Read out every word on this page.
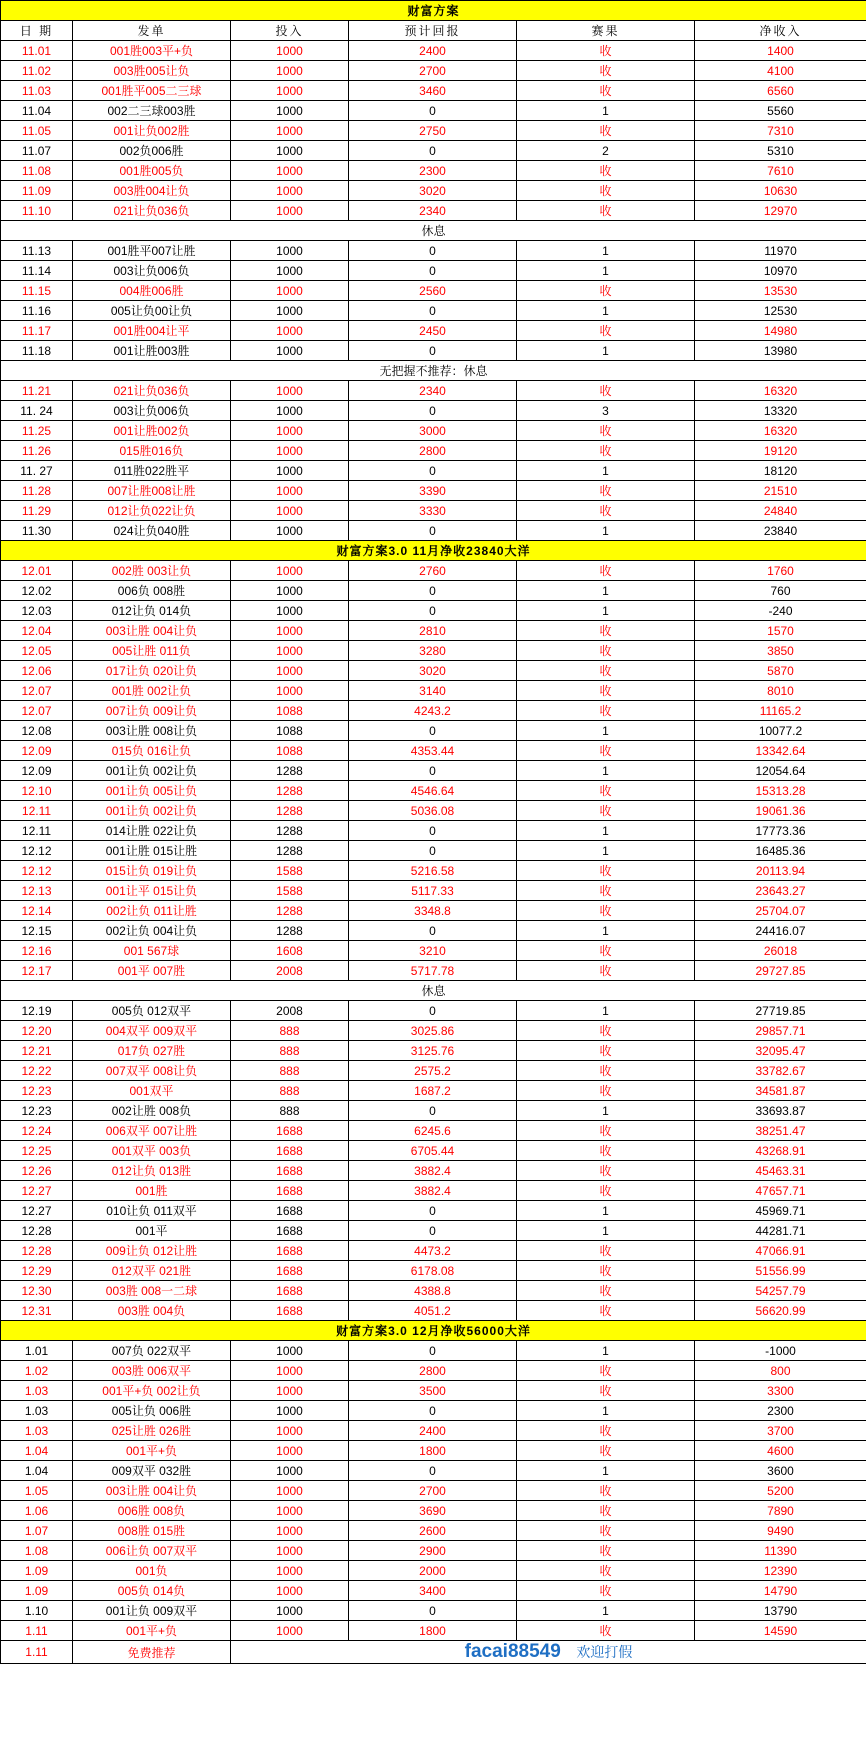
财富方案					
日 期	发单	投入	预计回报	赛果	净收入
11.01	001胜003平+负	1000	2400	收	1400
11.02	003胜005让负	1000	2700	收	4100
11.03	001胜平005二三球	1000	3460	收	6560
11.04	002二三球003胜	1000	0	1	5560
11.05	001让负002胜	1000	2750	收	7310
11.07	002负006胜	1000	0	2	5310
11.08	001胜005负	1000	2300	收	7610
11.09	003胜004让负	1000	3020	收	10630
11.10	021让负036负	1000	2340	收	12970
休息					
11.13	001胜平007让胜	1000	0	1	11970
11.14	003让负006负	1000	0	1	10970
11.15	004胜006胜	1000	2560	收	13530
11.16	005让负00让负	1000	0	1	12530
11.17	001胜004让平	1000	2450	收	14980
11.18	001让胜003胜	1000	0	1	13980
无把握不推荐：休息					
11.21	021让负036负	1000	2340	收	16320
11. 24	003让负006负	1000	0	3	13320
11.25	001让胜002负	1000	3000	收	16320
11.26	015胜016负	1000	2800	收	19120
11. 27	011胜022胜平	1000	0	1	18120
11.28	007让胜008让胜	1000	3390	收	21510
11.29	012让负022让负	1000	3330	收	24840
11.30	024让负040胜	1000	0	1	23840
财富方案3.0 11月净收23840大洋					
12.01	002胜 003让负	1000	2760	收	1760
12.02	006负 008胜	1000	0	1	760
12.03	012让负 014负	1000	0	1	-240
12.04	003让胜 004让负	1000	2810	收	1570
12.05	005让胜 011负	1000	3280	收	3850
12.06	017让负 020让负	1000	3020	收	5870
12.07	001胜 002让负	1000	3140	收	8010
12.07	007让负 009让负	1088	4243.2	收	11165.2
12.08	003让胜 008让负	1088	0	1	10077.2
12.09	015负 016让负	1088	4353.44	收	13342.64
12.09	001让负 002让负	1288	0	1	12054.64
12.10	001让负 005让负	1288	4546.64	收	15313.28
12.11	001让负 002让负	1288	5036.08	收	19061.36
12.11	014让胜 022让负	1288	0	1	17773.36
12.12	001让胜 015让胜	1288	0	1	16485.36
12.12	015让负 019让负	1588	5216.58	收	20113.94
12.13	001让平 015让负	1588	5117.33	收	23643.27
12.14	002让负 011让胜	1288	3348.8	收	25704.07
12.15	002让负 004让负	1288	0	1	24416.07
12.16	001 567球	1608	3210	收	26018
12.17	001平 007胜	2008	5717.78	收	29727.85
休息					
12.19	005负 012双平	2008	0	1	27719.85
12.20	004双平 009双平	888	3025.86	收	29857.71
12.21	017负 027胜	888	3125.76	收	32095.47
12.22	007双平 008让负	888	2575.2	收	33782.67
12.23	001双平	888	1687.2	收	34581.87
12.23	002让胜 008负	888	0	1	33693.87
12.24	006双平 007让胜	1688	6245.6	收	38251.47
12.25	001双平 003负	1688	6705.44	收	43268.91
12.26	012让负 013胜	1688	3882.4	收	45463.31
12.27	001胜	1688	3882.4	收	47657.71
12.27	010让负 011双平	1688	0	1	45969.71
12.28	001平	1688	0	1	44281.71
12.28	009让负 012让胜	1688	4473.2	收	47066.91
12.29	012双平 021胜	1688	6178.08	收	51556.99
12.30	003胜 008一二球	1688	4388.8	收	54257.79
12.31	003胜 004负	1688	4051.2	收	56620.99
财富方案3.0 12月净收56000大洋					
1.01	007负 022双平	1000	0	1	-1000
1.02	003胜 006双平	1000	2800	收	800
1.03	001平+负 002让负	1000	3500	收	3300
1.03	005让负 006胜	1000	0	1	2300
1.03	025让胜 026胜	1000	2400	收	3700
1.04	001平+负	1000	1800	收	4600
1.04	009双平 032胜	1000	0	1	3600
1.05	003让胜 004让负	1000	2700	收	5200
1.06	006胜 008负	1000	3690	收	7890
1.07	008胜 015胜	1000	2600	收	9490
1.08	006让负 007双平	1000	2900	收	11390
1.09	001负	1000	2000	收	12390
1.09	005负 014负	1000	3400	收	14790
1.10	001让负 009双平	1000	0	1	13790
1.11	001平+负	1000	1800	收	14590
1.11	免费推荐	facai88549    欢迎打假			
